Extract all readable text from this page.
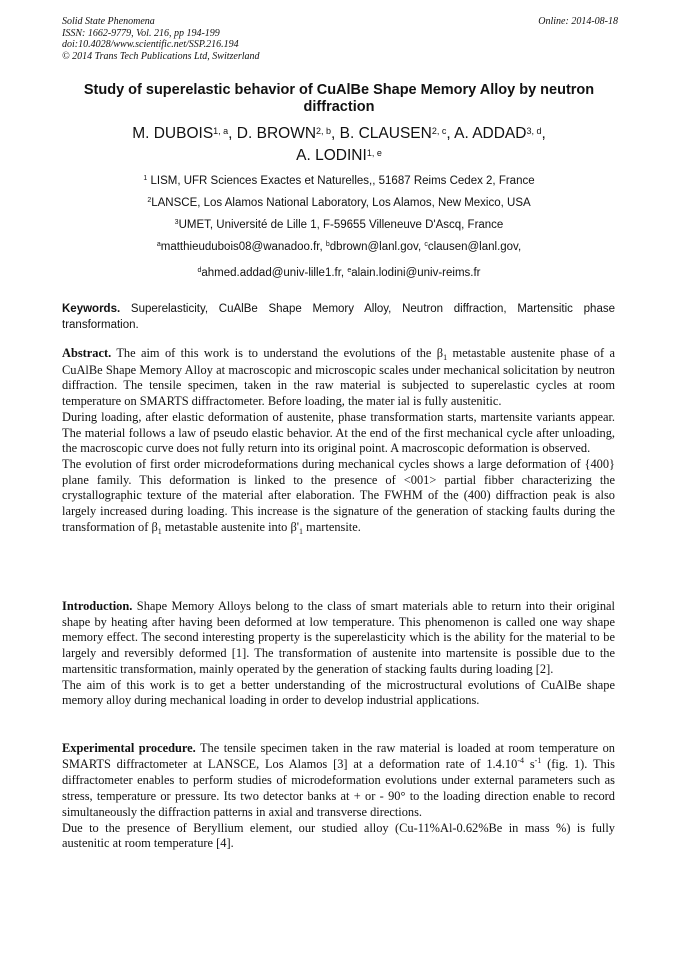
Solid State Phenomena
ISSN: 1662-9779, Vol. 216, pp 194-199
doi:10.4028/www.scientific.net/SSP.216.194
© 2014 Trans Tech Publications Ltd, Switzerland
Online: 2014-08-18
Study of superelastic behavior of CuAlBe Shape Memory Alloy by neutron diffraction
M. DUBOIS$^{1, a}$, D. BROWN$^{2, b}$, B. CLAUSEN$^{2, c}$, A. ADDAD$^{3, d}$,
A. LODINI$^{1, e}$
$^1$ LISM, UFR Sciences Exactes et Naturelles,, 51687 Reims Cedex 2, France
$^2$LANSCE, Los Alamos National Laboratory, Los Alamos, New Mexico, USA
$^3$UMET, Université de Lille 1, F-59655 Villeneuve D'Ascq, France
$^a$matthieudubois08@wanadoo.fr, $^b$dbrown@lanl.gov, $^c$clausen@lanl.gov,
$^d$ahmed.addad@univ-lille1.fr, $^e$alain.lodini@univ-reims.fr
Keywords. Superelasticity, CuAlBe Shape Memory Alloy, Neutron diffraction, Martensitic phase transformation.

Abstract. The aim of this work is to understand the evolutions of the $\beta_1$ metastable austenite phase of a CuAlBe Shape Memory Alloy at macroscopic and microscopic scales under mechanical solicitation by neutron diffraction. The tensile specimen, taken in the raw material is subjected to superelastic cycles at room temperature on SMARTS diffractometer. Before loading, the mater ial is fully austenitic.

During loading, after elastic deformation of austenite, phase transformation starts, martensite variants appear. The material follows a law of pseudo elastic behavior. At the end of the first mechanical cycle after unloading, the macroscopic curve does not fully return into its original point. A macroscopic deformation is observed.

The evolution of first order microdeformations during mechanical cycles shows a large deformation of {400} plane family. This deformation is linked to the presence of <001> partial fibber characterizing the crystallographic texture of the material after elaboration. The FWHM of the (400) diffraction peak is also largely increased during loading. This increase is the signature of the generation of stacking faults during the transformation of $\beta_1$ metastable austenite into $\beta'_1$ martensite.

Introduction. Shape Memory Alloys belong to the class of smart materials able to return into their original shape by heating after having been deformed at low temperature. This phenomenon is called one way shape memory effect. The second interesting property is the superelasticity which is the ability for the material to be largely and reversibly deformed [1]. The transformation of austenite into martensite is possible due to the martensitic transformation, mainly operated by the generation of stacking faults during loading [2].

The aim of this work is to get a better understanding of the microstructural evolutions of CuAlBe shape memory alloy during mechanical loading in order to develop industrial applications.

Experimental procedure. The tensile specimen taken in the raw material is loaded at room temperature on SMARTS diffractometer at LANSCE, Los Alamos [3] at a deformation rate of $1.4.10^{-4}$ $s^{-1}$ (fig. 1). This diffractometer enables to perform studies of microdeformation evolutions under external parameters such as stress, temperature or pressure. Its two detector banks at + or - 90° to the loading direction enable to record simultaneously the diffraction patterns in axial and transverse directions.

Due to the presence of Beryllium element, our studied alloy (Cu-11%Al-0.62%Be in mass %) is fully austenitic at room temperature [4].
